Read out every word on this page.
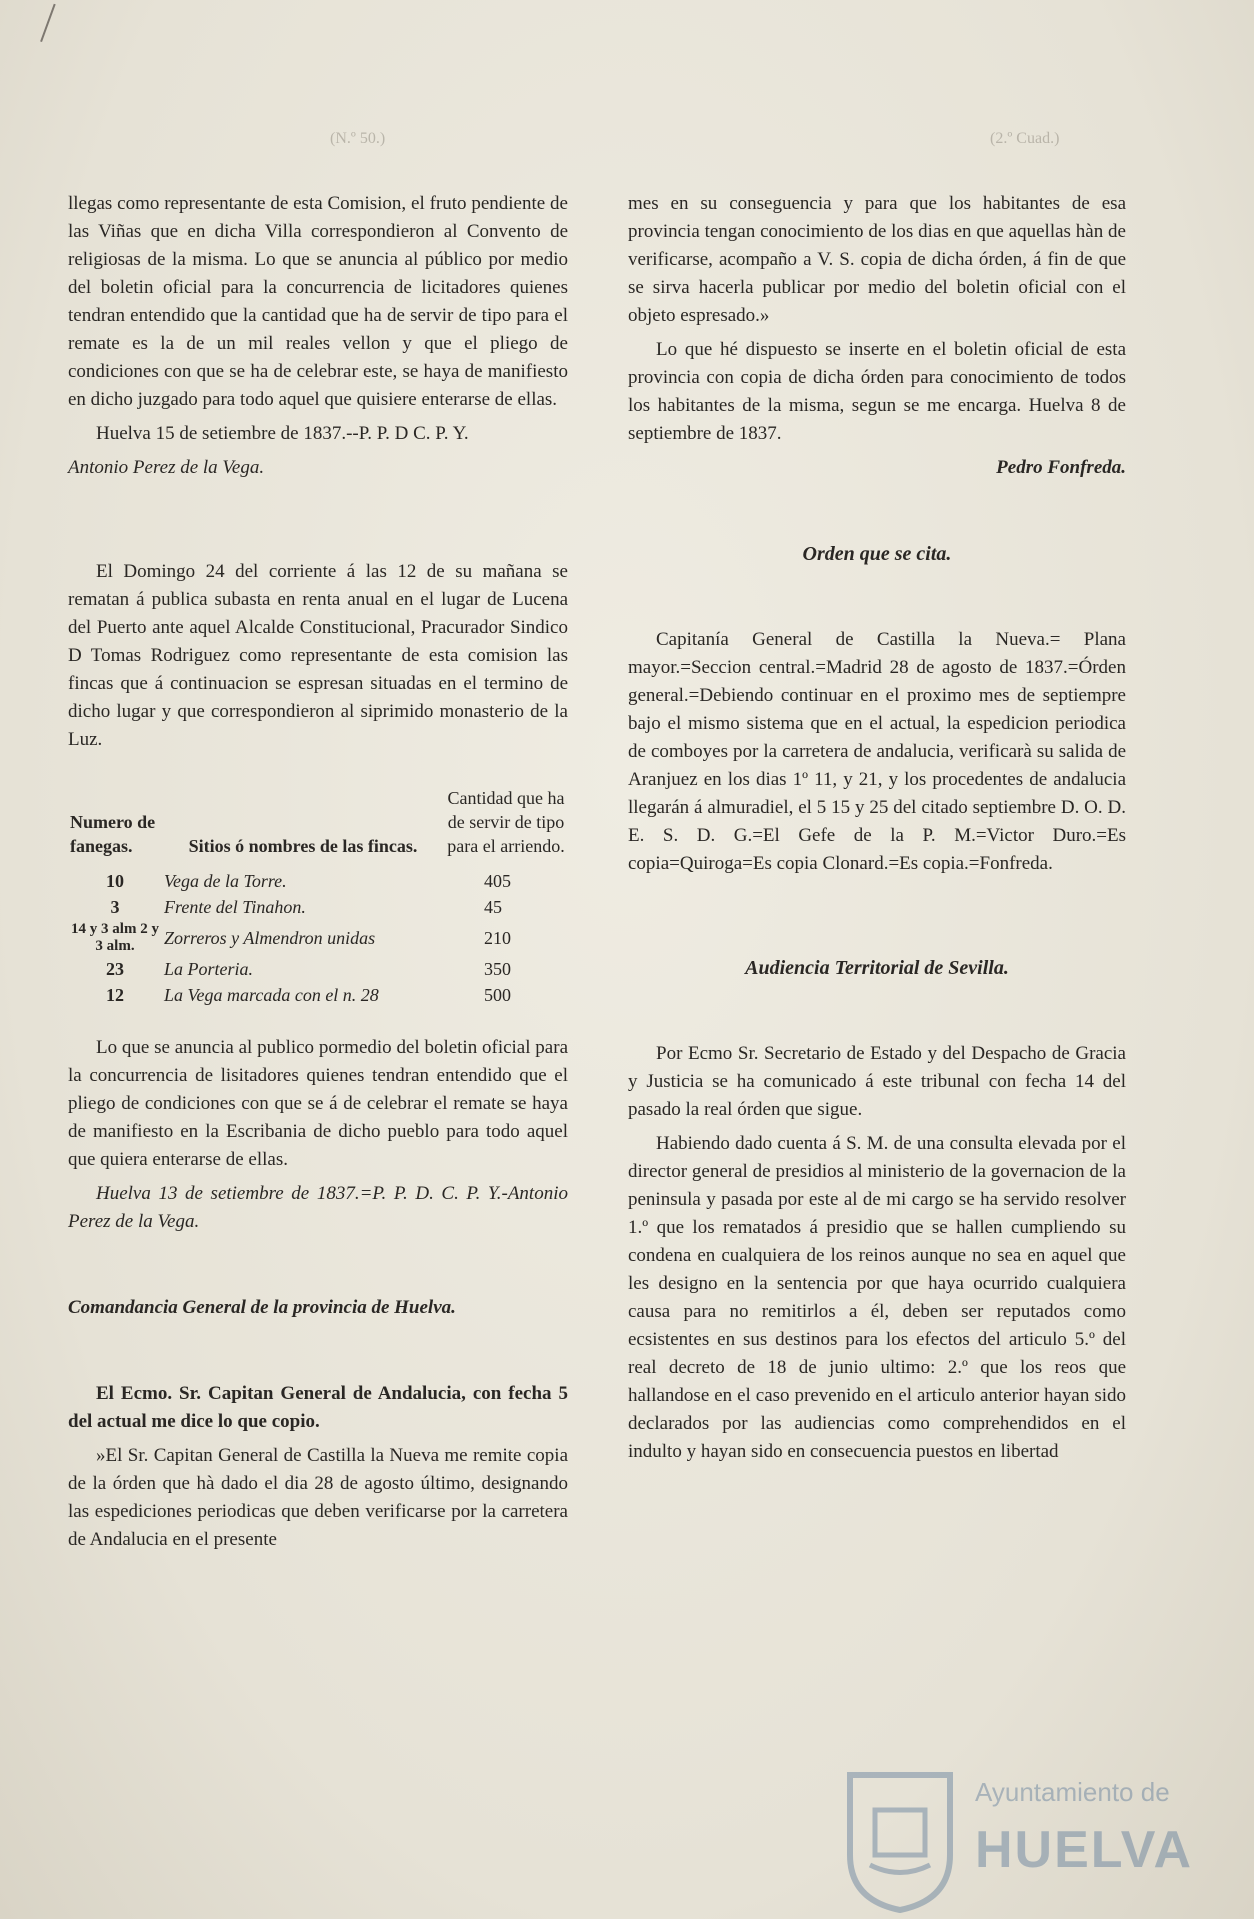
(N.º 50.)	(2.º Cuad.)

llegas como representante de esta Comision, el fruto pendiente de las Viñas que en dicha Villa correspondieron al Convento de religiosas de la misma. Lo que se anuncia al público por medio del boletin oficial para la concurrencia de licitadores quienes tendran entendido que la cantidad que ha de servir de tipo para el remate es la de un mil reales vellon y que el pliego de condiciones con que se ha de celebrar este, se haya de manifiesto en dicho juzgado para todo aquel que quisiere enterarse de ellas.

Huelva 15 de setiembre de 1837.--P. P. D C. P. Y.

Antonio Perez de la Vega.

El Domingo 24 del corriente á las 12 de su mañana se rematan á publica subasta en renta anual en el lugar de Lucena del Puerto ante aquel Alcalde Constitucional, Pracurador Sindico D Tomas Rodriguez como representante de esta comision las fincas que á continuacion se espresan situadas en el termino de dicho lugar y que correspondieron al siprimido monasterio de la Luz.

Numero de fanegas.	Sitios ó nombres de las fincas.	Cantidad que ha de servir de tipo para el arriendo.
10	Vega de la Torre.	405
3	Frente del Tinahon.	45
14 y 3 alm 2 y 3 alm.	Zorreros y Almendron unidas	210
23	La Porteria.	350
12	La Vega marcada con el n. 28	500

Lo que se anuncia al publico pormedio del boletin oficial para la concurrencia de lisitadores quienes tendran entendido que el pliego de condiciones con que se á de celebrar el remate se haya de manifiesto en la Escribania de dicho pueblo para todo aquel que quiera enterarse de ellas.

Huelva 13 de setiembre de 1837.=P. P. D. C. P. Y.-Antonio Perez de la Vega.

Comandancia General de la provincia de Huelva.

El Ecmo. Sr. Capitan General de Andalucia, con fecha 5 del actual me dice lo que copio.

»El Sr. Capitan General de Castilla la Nueva me remite copia de la órden que hà dado el dia 28 de agosto último, designando las espediciones periodicas que deben verificarse por la carretera de Andalucia en el presente

mes en su conseguencia y para que los habitantes de esa provincia tengan conocimiento de los dias en que aquellas hàn de verificarse, acompaño a V. S. copia de dicha órden, á fin de que se sirva hacerla publicar por medio del boletin oficial con el objeto espresado.»

Lo que hé dispuesto se inserte en el boletin oficial de esta provincia con copia de dicha órden para conocimiento de todos los habitantes de la misma, segun se me encarga. Huelva 8 de septiembre de 1837.

Pedro Fonfreda.

Orden que se cita.

Capitanía General de Castilla la Nueva.= Plana mayor.=Seccion central.=Madrid 28 de agosto de 1837.=Órden general.=Debiendo continuar en el proximo mes de septiempre bajo el mismo sistema que en el actual, la espedicion periodica de comboyes por la carretera de andalucia, verificarà su salida de Aranjuez en los dias 1º 11, y 21, y los procedentes de andalucia llegarán á almuradiel, el 5 15 y 25 del citado septiembre D. O. D. E. S. D. G.=El Gefe de la P. M.=Victor Duro.=Es copia=Quiroga=Es copia Clonard.=Es copia.=Fonfreda.

Audiencia Territorial de Sevilla.

Por Ecmo Sr. Secretario de Estado y del Despacho de Gracia y Justicia se ha comunicado á este tribunal con fecha 14 del pasado la real órden que sigue.

Habiendo dado cuenta á S. M. de una consulta elevada por el director general de presidios al ministerio de la governacion de la peninsula y pasada por este al de mi cargo se ha servido resolver 1.º que los rematados á presidio que se hallen cumpliendo su condena en cualquiera de los reinos aunque no sea en aquel que les designo en la sentencia por que haya ocurrido cualquiera causa para no remitirlos a él, deben ser reputados como ecsistentes en sus destinos para los efectos del articulo 5.º del real decreto de 18 de junio ultimo: 2.º que los reos que hallandose en el caso prevenido en el articulo anterior hayan sido declarados por las audiencias como comprehendidos en el indulto y hayan sido en consecuencia puestos en libertad

Ayuntamiento de
HUELVA
